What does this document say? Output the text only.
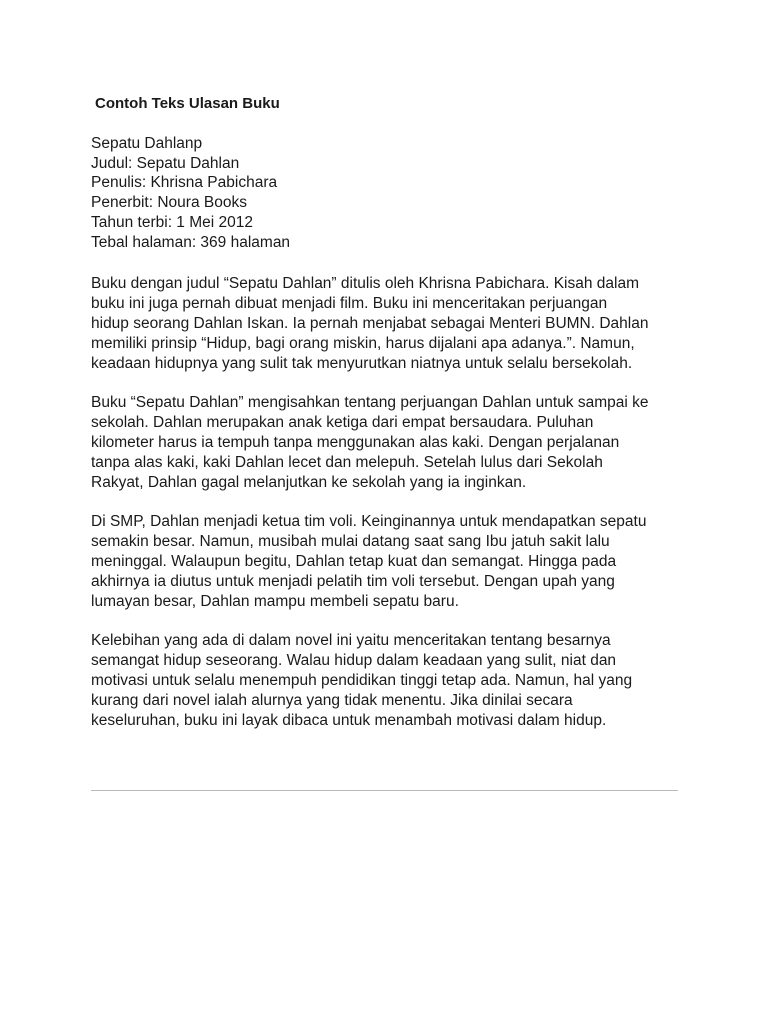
Contoh Teks Ulasan Buku
Sepatu Dahlanp
Judul: Sepatu Dahlan
Penulis: Khrisna Pabichara
Penerbit: Noura Books
Tahun terbi: 1 Mei 2012
Tebal halaman: 369 halaman
Buku dengan judul “Sepatu Dahlan” ditulis oleh Khrisna Pabichara. Kisah dalam
buku ini juga pernah dibuat menjadi film. Buku ini menceritakan perjuangan
hidup seorang Dahlan Iskan. Ia pernah menjabat sebagai Menteri BUMN. Dahlan
memiliki prinsip “Hidup, bagi orang miskin, harus dijalani apa adanya.”. Namun,
keadaan hidupnya yang sulit tak menyurutkan niatnya untuk selalu bersekolah.
Buku “Sepatu Dahlan” mengisahkan tentang perjuangan Dahlan untuk sampai ke
sekolah. Dahlan merupakan anak ketiga dari empat bersaudara. Puluhan
kilometer harus ia tempuh tanpa menggunakan alas kaki. Dengan perjalanan
tanpa alas kaki, kaki Dahlan lecet dan melepuh. Setelah lulus dari Sekolah
Rakyat, Dahlan gagal melanjutkan ke sekolah yang ia inginkan.
Di SMP, Dahlan menjadi ketua tim voli. Keinginannya untuk mendapatkan sepatu
semakin besar. Namun, musibah mulai datang saat sang Ibu jatuh sakit lalu
meninggal. Walaupun begitu, Dahlan tetap kuat dan semangat. Hingga pada
akhirnya ia diutus untuk menjadi pelatih tim voli tersebut. Dengan upah yang
lumayan besar, Dahlan mampu membeli sepatu baru.
Kelebihan yang ada di dalam novel ini yaitu menceritakan tentang besarnya
semangat hidup seseorang. Walau hidup dalam keadaan yang sulit, niat dan
motivasi untuk selalu menempuh pendidikan tinggi tetap ada. Namun, hal yang
kurang dari novel ialah alurnya yang tidak menentu. Jika dinilai secara
keseluruhan, buku ini layak dibaca untuk menambah motivasi dalam hidup.
